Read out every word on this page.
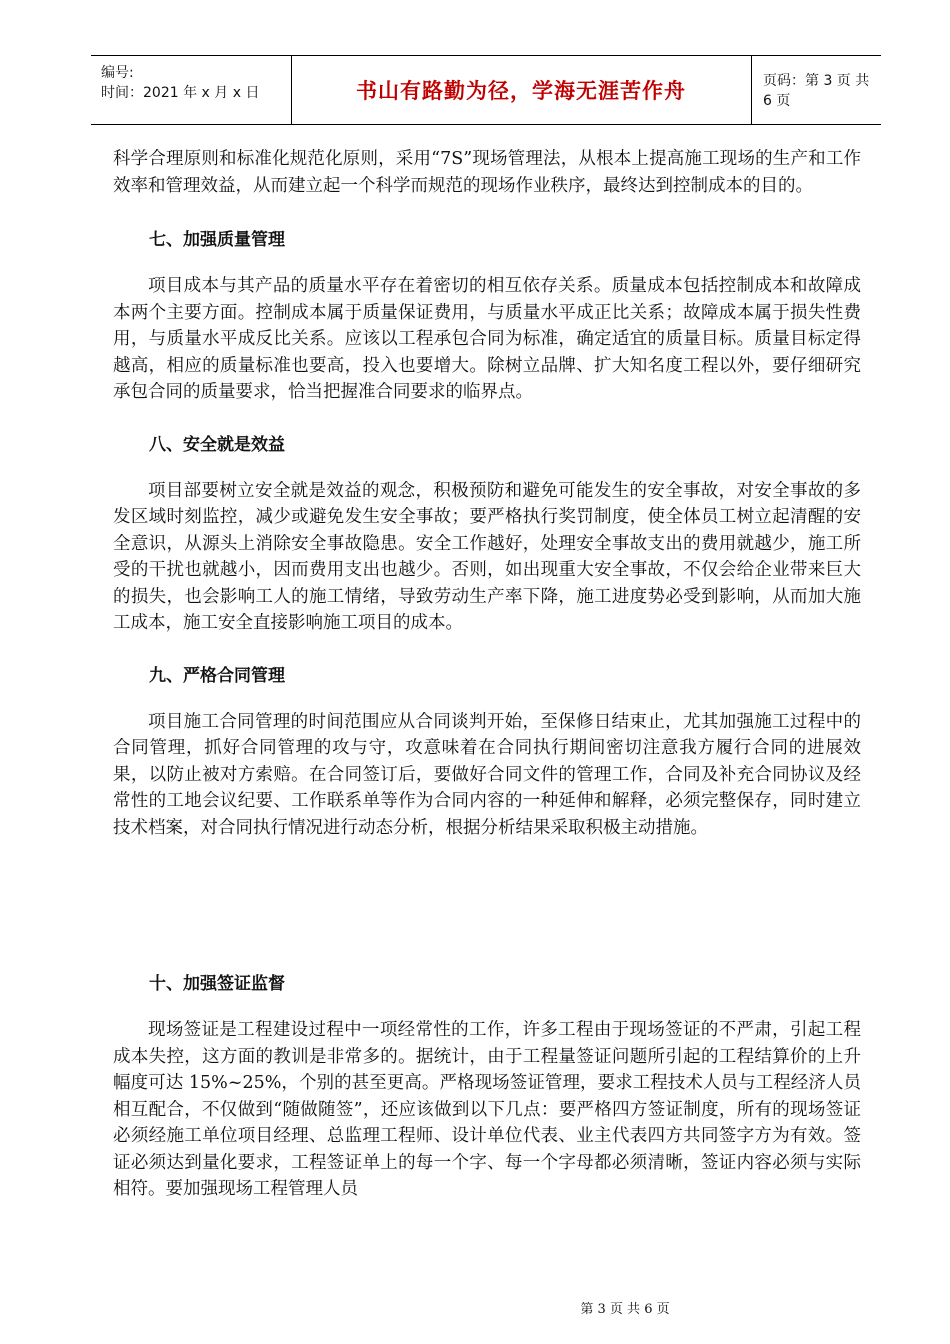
编号:
时间：2021 年 x 月 x 日	书山有路勤为径，学海无涯苦作舟	页码：第 3 页 共 6 页

科学合理原则和标准化规范化原则，采用“7S”现场管理法，从根本上提高施工现场的生产和工作效率和管理效益，从而建立起一个科学而规范的现场作业秩序，最终达到控制成本的目的。

七、加强质量管理

项目成本与其产品的质量水平存在着密切的相互依存关系。质量成本包括控制成本和故障成本两个主要方面。控制成本属于质量保证费用，与质量水平成正比关系；故障成本属于损失性费用，与质量水平成反比关系。应该以工程承包合同为标准，确定适宜的质量目标。质量目标定得越高，相应的质量标准也要高，投入也要增大。除树立品牌、扩大知名度工程以外，要仔细研究承包合同的质量要求，恰当把握准合同要求的临界点。

八、安全就是效益

项目部要树立安全就是效益的观念，积极预防和避免可能发生的安全事故，对安全事故的多发区域时刻监控，减少或避免发生安全事故；要严格执行奖罚制度，使全体员工树立起清醒的安全意识，从源头上消除安全事故隐患。安全工作越好，处理安全事故支出的费用就越少，施工所受的干扰也就越小，因而费用支出也越少。否则，如出现重大安全事故，不仅会给企业带来巨大的损失，也会影响工人的施工情绪，导致劳动生产率下降，施工进度势必受到影响，从而加大施工成本，施工安全直接影响施工项目的成本。

九、严格合同管理

项目施工合同管理的时间范围应从合同谈判开始，至保修日结束止，尤其加强施工过程中的合同管理，抓好合同管理的攻与守，攻意味着在合同执行期间密切注意我方履行合同的进展效果，以防止被对方索赔。在合同签订后，要做好合同文件的管理工作，合同及补充合同协议及经常性的工地会议纪要、工作联系单等作为合同内容的一种延伸和解释，必须完整保存，同时建立技术档案，对合同执行情况进行动态分析，根据分析结果采取积极主动措施。

十、加强签证监督

现场签证是工程建设过程中一项经常性的工作，许多工程由于现场签证的不严肃，引起工程成本失控，这方面的教训是非常多的。据统计，由于工程量签证问题所引起的工程结算价的上升幅度可达 15%~25%，个别的甚至更高。严格现场签证管理，要求工程技术人员与工程经济人员相互配合，不仅做到“随做随签”，还应该做到以下几点：要严格四方签证制度，所有的现场签证必须经施工单位项目经理、总监理工程师、设计单位代表、业主代表四方共同签字方为有效。签证必须达到量化要求，工程签证单上的每一个字、每一个字母都必须清晰，签证内容必须与实际相符。要加强现场工程管理人员

第 3 页 共 6 页
